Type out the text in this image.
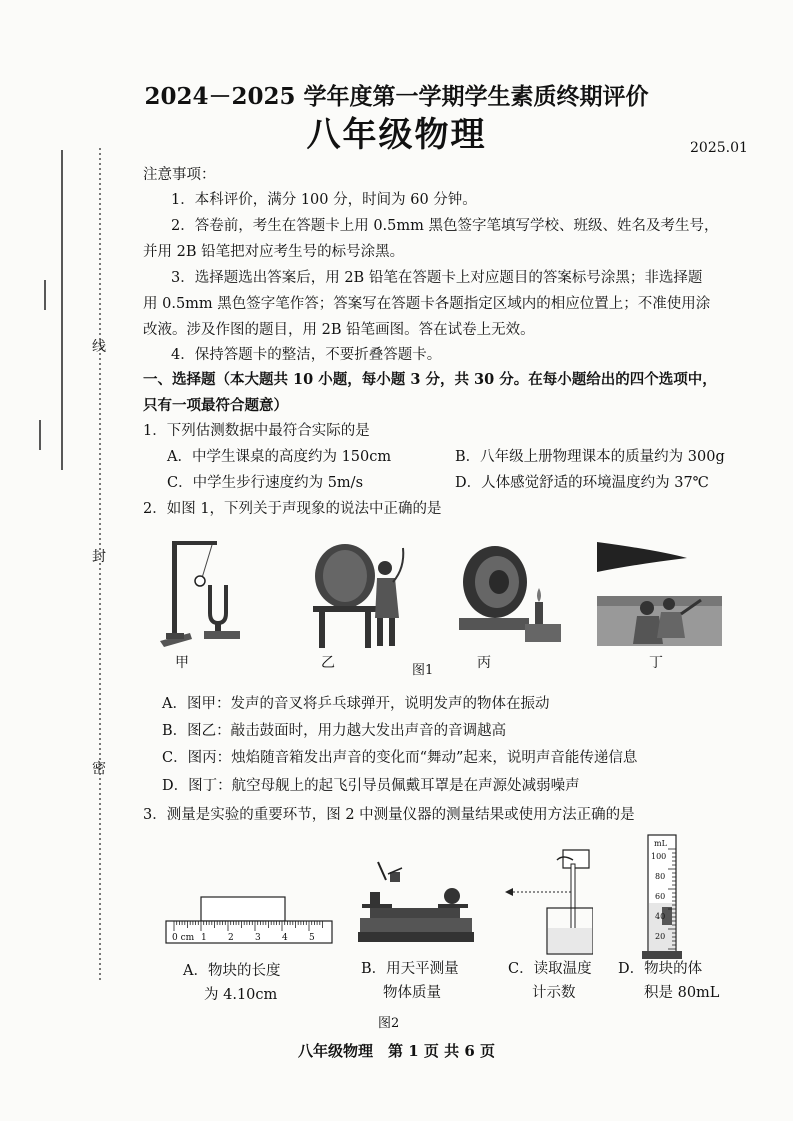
线
封
密
2024－2025 学年度第一学期学生素质终期评价
八年级物理	2025.01
注意事项：
1．本科评价，满分 100 分，时间为 60 分钟。
2．答卷前，考生在答题卡上用 0.5mm 黑色签字笔填写学校、班级、姓名及考生号，
并用 2B 铅笔把对应考生号的标号涂黑。
3．选择题选出答案后，用 2B 铅笔在答题卡上对应题目的答案标号涂黑；非选择题
用 0.5mm 黑色签字笔作答；答案写在答题卡各题指定区域内的相应位置上；不准使用涂
改液。涉及作图的题目，用 2B 铅笔画图。答在试卷上无效。
4．保持答题卡的整洁，不要折叠答题卡。
一、选择题（本大题共 10 小题，每小题 3 分，共 30 分。在每小题给出的四个选项中，
只有一项最符合题意）
1．下列估测数据中最符合实际的是
A．中学生课桌的高度约为 150cm	B．八年级上册物理课本的质量约为 300g
C．中学生步行速度约为 5m/s	D．人体感觉舒适的环境温度约为 37℃
2．如图 1，下列关于声现象的说法中正确的是
甲	乙	图1	丙	丁
A．图甲：发声的音叉将乒乓球弹开，说明发声的物体在振动
B．图乙：敲击鼓面时，用力越大发出声音的音调越高
C．图丙：烛焰随音箱发出声音的变化而“舞动”起来，说明声音能传递信息
D．图丁：航空母舰上的起飞引导员佩戴耳罩是在声源处减弱噪声
3．测量是实验的重要环节，图 2 中测量仪器的测量结果或使用方法正确的是
0 cm 1 2 3 4 5
mL
100
80
60
40
20
A．物块的长度
为 4.10cm
B．用天平测量
物体质量
C．读取温度
计示数
D．物块的体
积是 80mL
图2
八年级物理　第 1 页 共 6 页
